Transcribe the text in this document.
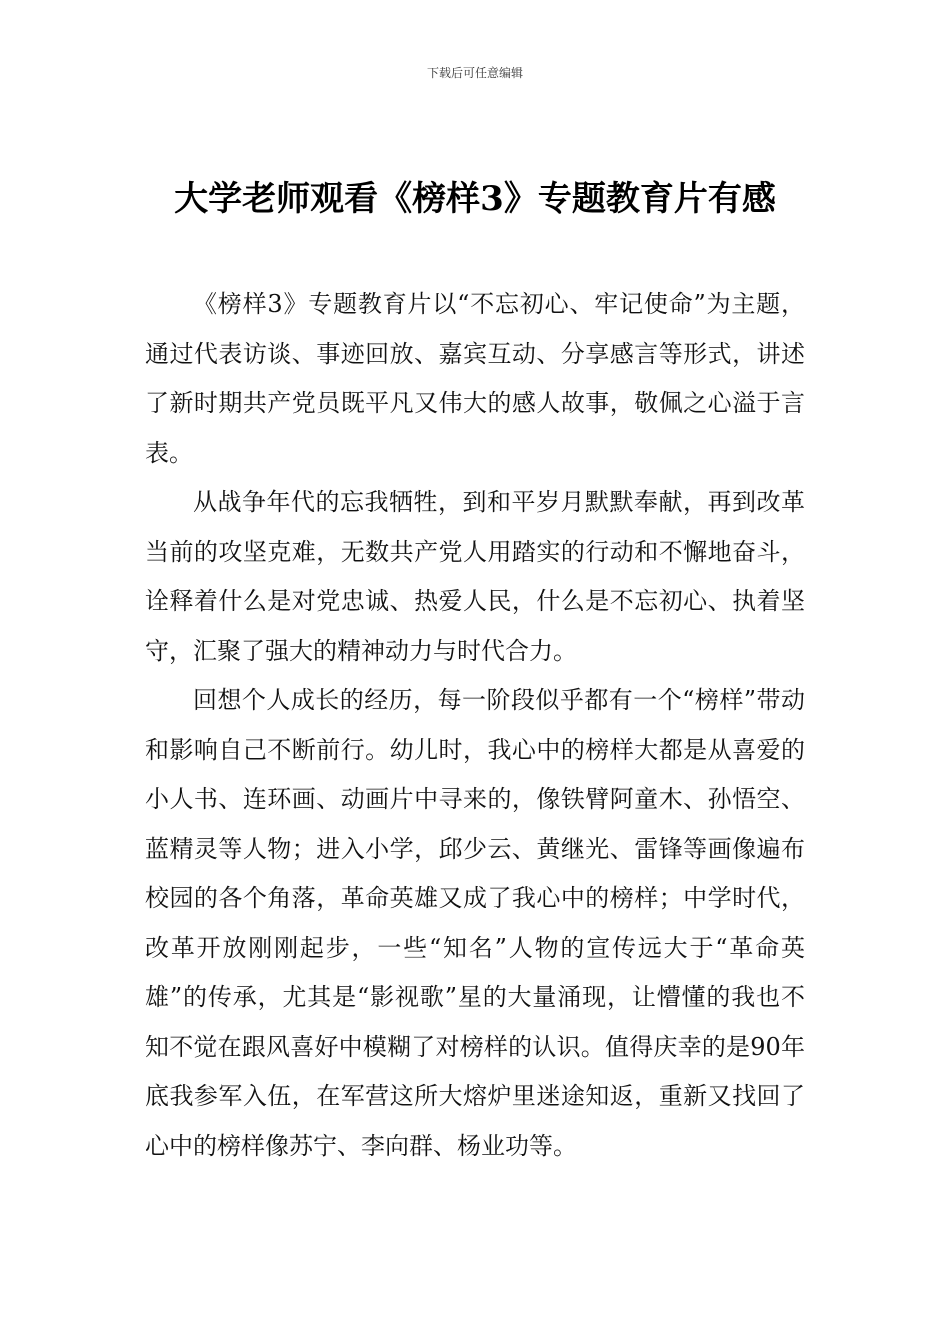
下载后可任意编辑
大学老师观看《榜样3》专题教育片有感

《榜样3》专题教育片以“不忘初心、牢记使命”为主题，通过代表访谈、事迹回放、嘉宾互动、分享感言等形式，讲述了新时期共产党员既平凡又伟大的感人故事，敬佩之心溢于言表。

从战争年代的忘我牺牲，到和平岁月默默奉献，再到改革当前的攻坚克难，无数共产党人用踏实的行动和不懈地奋斗，诠释着什么是对党忠诚、热爱人民，什么是不忘初心、执着坚守，汇聚了强大的精神动力与时代合力。

回想个人成长的经历，每一阶段似乎都有一个“榜样”带动和影响自己不断前行。幼儿时，我心中的榜样大都是从喜爱的小人书、连环画、动画片中寻来的，像铁臂阿童木、孙悟空、蓝精灵等人物；进入小学，邱少云、黄继光、雷锋等画像遍布校园的各个角落，革命英雄又成了我心中的榜样；中学时代，改革开放刚刚起步，一些“知名”人物的宣传远大于“革命英雄”的传承，尤其是“影视歌”星的大量涌现，让懵懂的我也不知不觉在跟风喜好中模糊了对榜样的认识。值得庆幸的是90年底我参军入伍，在军营这所大熔炉里迷途知返，重新又找回了心中的榜样像苏宁、李向群、杨业功等。
